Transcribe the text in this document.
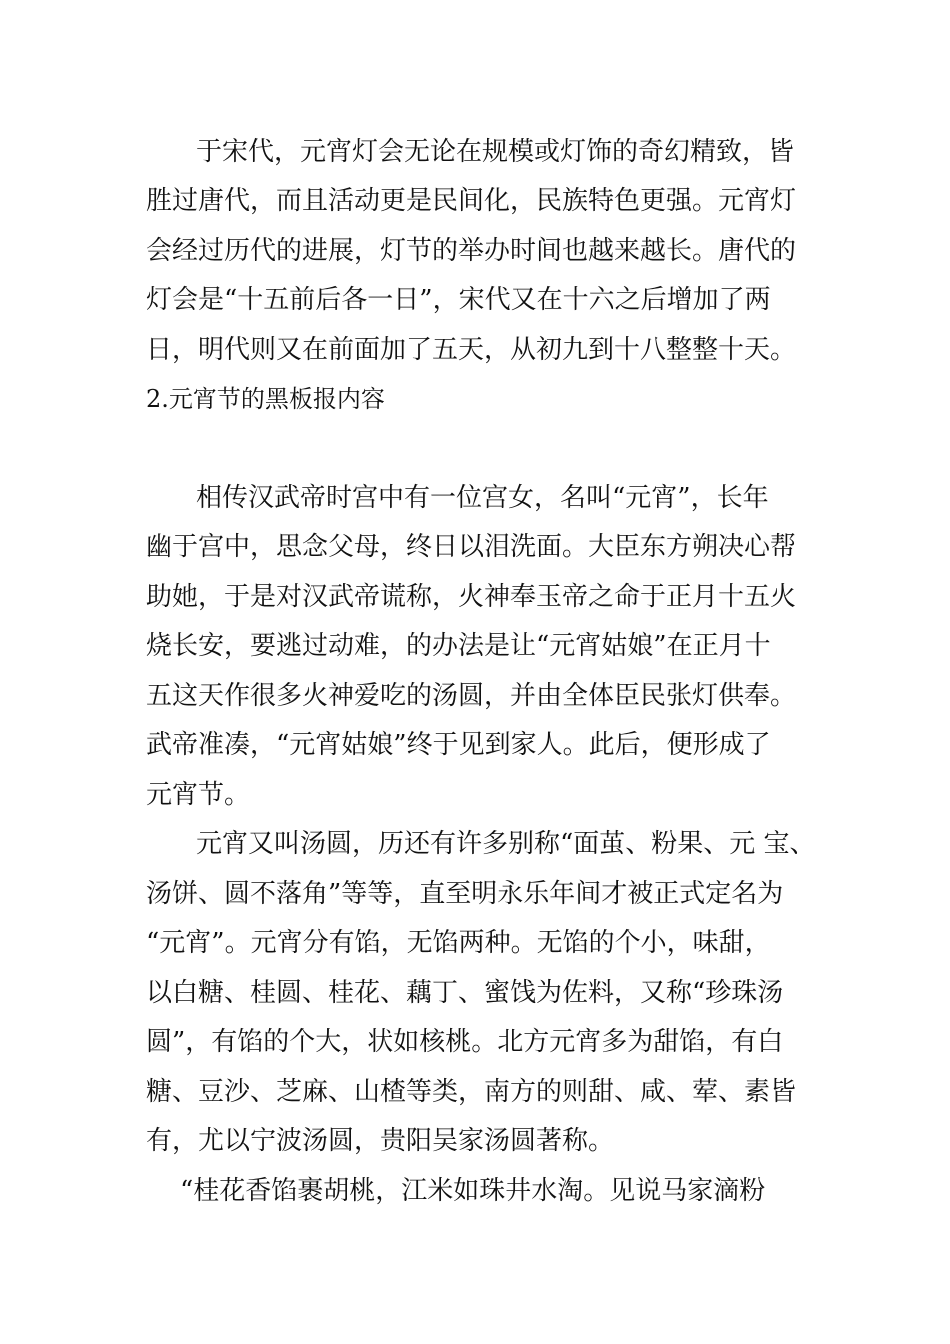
于宋代，元宵灯会无论在规模或灯饰的奇幻精致，皆
胜过唐代，而且活动更是民间化，民族特色更强。元宵灯
会经过历代的进展，灯节的举办时间也越来越长。唐代的
灯会是“十五前后各一日”，宋代又在十六之后增加了两
日，明代则又在前面加了五天，从初九到十八整整十天。
2.元宵节的黑板报内容
相传汉武帝时宫中有一位宫女，名叫“元宵”，长年
幽于宫中，思念父母，终日以泪洗面。大臣东方朔决心帮
助她，于是对汉武帝谎称，火神奉玉帝之命于正月十五火
烧长安，要逃过动难，的办法是让“元宵姑娘”在正月十
五这天作很多火神爱吃的汤圆，并由全体臣民张灯供奉。
武帝准凑，“元宵姑娘”终于见到家人。此后，便形成了
元宵节。
元宵又叫汤圆，历还有许多别称“面茧、粉果、元 宝、
汤饼、圆不落角”等等，直至明永乐年间才被正式定名为
“元宵”。元宵分有馅，无馅两种。无馅的个小，味甜，
以白糖、桂圆、桂花、藕丁、蜜饯为佐料，又称“珍珠汤
圆”，有馅的个大，状如核桃。北方元宵多为甜馅，有白
糖、豆沙、芝麻、山楂等类，南方的则甜、咸、荤、素皆
有，尤以宁波汤圆，贵阳吴家汤圆著称。
“桂花香馅裹胡桃，江米如珠井水淘。见说马家滴粉
